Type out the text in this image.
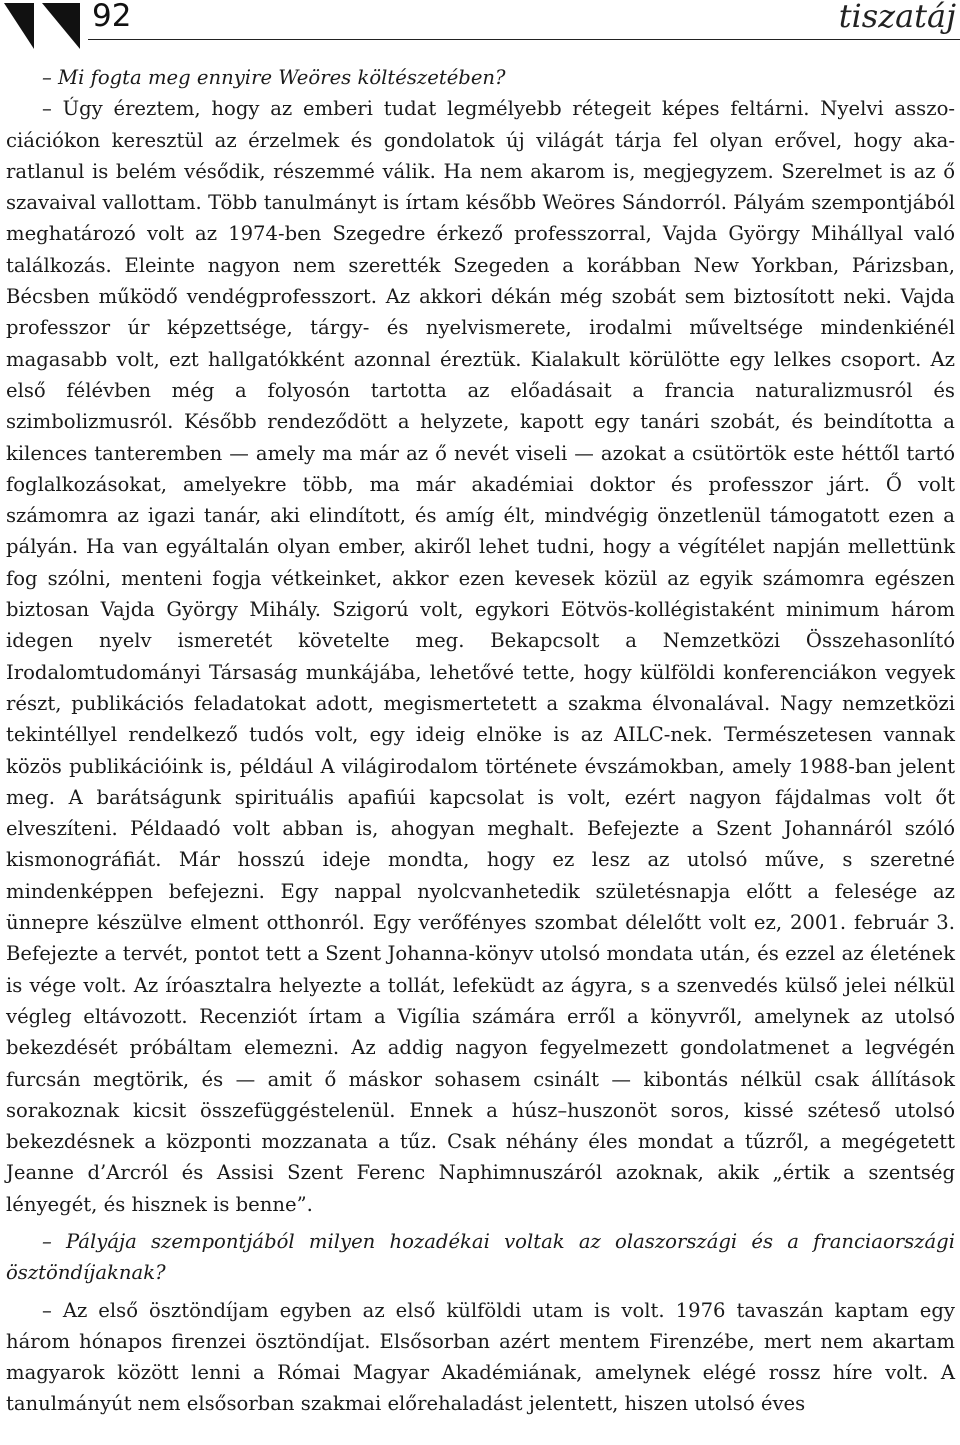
92	tiszatáj

– Mi fogta meg ennyire Weöres költészetében?

– Úgy éreztem, hogy az emberi tudat legmélyebb rétegeit képes feltárni. Nyelvi asszociációkon keresztül az érzelmek és gondolatok új világát tárja fel olyan erővel, hogy akaratlanul is belém vésődik, részemmé válik. Ha nem akarom is, megjegyzem. Szerelmet is az ő szavaival vallottam. Több tanulmányt is írtam később Weöres Sándorról. Pályám szempontjából meghatározó volt az 1974-ben Szegedre érkező professzorral, Vajda György Mihállyal való találkozás. Eleinte nagyon nem szerették Szegeden a korábban New Yorkban, Párizsban, Bécsben működő vendégprofesszort. Az akkori dékán még szobát sem biztosított neki. Vajda professzor úr képzettsége, tárgy- és nyelvismerete, irodalmi műveltsége mindenkiénél magasabb volt, ezt hallgatókként azonnal éreztük. Kialakult körülötte egy lelkes csoport. Az első félévben még a folyosón tartotta az előadásait a francia naturalizmusról és szimbolizmusról. Később rendeződött a helyzete, kapott egy tanári szobát, és beindította a kilences tanteremben — amely ma már az ő nevét viseli — azokat a csütörtök este héttől tartó foglalkozásokat, amelyekre több, ma már akadémiai doktor és professzor járt. Ő volt számomra az igazi tanár, aki elindított, és amíg élt, mindvégig önzetlenül támogatott ezen a pályán. Ha van egyáltalán olyan ember, akiről lehet tudni, hogy a végítélet napján mellettünk fog szólni, menteni fogja vétkeinket, akkor ezen kevesek közül az egyik számomra egészen biztosan Vajda György Mihály. Szigorú volt, egykori Eötvös-kollégistaként minimum három idegen nyelv ismeretét követelte meg. Bekapcsolt a Nemzetközi Összehasonlító Irodalomtudományi Társaság munkájába, lehetővé tette, hogy külföldi konferenciákon vegyek részt, publikációs feladatokat adott, megismertetett a szakma élvonalával. Nagy nemzetközi tekintéllyel rendelkező tudós volt, egy ideig elnöke is az AILC-nek. Természetesen vannak közös publikációink is, például A világirodalom története évszámokban, amely 1988-ban jelent meg. A barátságunk spirituális apafiúi kapcsolat is volt, ezért nagyon fájdalmas volt őt elveszíteni. Példaadó volt abban is, ahogyan meghalt. Befejezte a Szent Johannáról szóló kismonográfiát. Már hosszú ideje mondta, hogy ez lesz az utolsó műve, s szeretné mindenképpen befejezni. Egy nappal nyolcvanhetedik születésnapja előtt a felesége az ünnepre készülve elment otthonról. Egy verőfényes szombat délelőtt volt ez, 2001. február 3. Befejezte a tervét, pontot tett a Szent Johanna-könyv utolsó mondata után, és ezzel az életének is vége volt. Az íróasztalra helyezte a tollát, lefeküdt az ágyra, s a szenvedés külső jelei nélkül végleg eltávozott. Recenziót írtam a Vigília számára erről a könyvről, amelynek az utolsó bekezdését próbáltam elemezni. Az addig nagyon fegyelmezett gondolatmenet a legvégén furcsán megtörik, és — amit ő máskor sohasem csinált — kibontás nélkül csak állítások sorakoznak kicsit összefüggéstelenül. Ennek a húsz–huszonöt soros, kissé széteső utolsó bekezdésnek a központi mozzanata a tűz. Csak néhány éles mondat a tűzről, a megégetett Jeanne d’Arcról és Assisi Szent Ferenc Naphimnuszáról azoknak, akik „értik a szentség lényegét, és hisznek is benne”.

– Pályája szempontjából milyen hozadékai voltak az olaszországi és a franciaországi ösztöndíjaknak?

– Az első ösztöndíjam egyben az első külföldi utam is volt. 1976 tavaszán kaptam egy három hónapos firenzei ösztöndíjat. Elsősorban azért mentem Firenzébe, mert nem akartam magyarok között lenni a Római Magyar Akadémiának, amelynek elégé rossz híre volt. A tanulmányút nem elsősorban szakmai előrehaladást jelentett, hiszen utolsó éves
